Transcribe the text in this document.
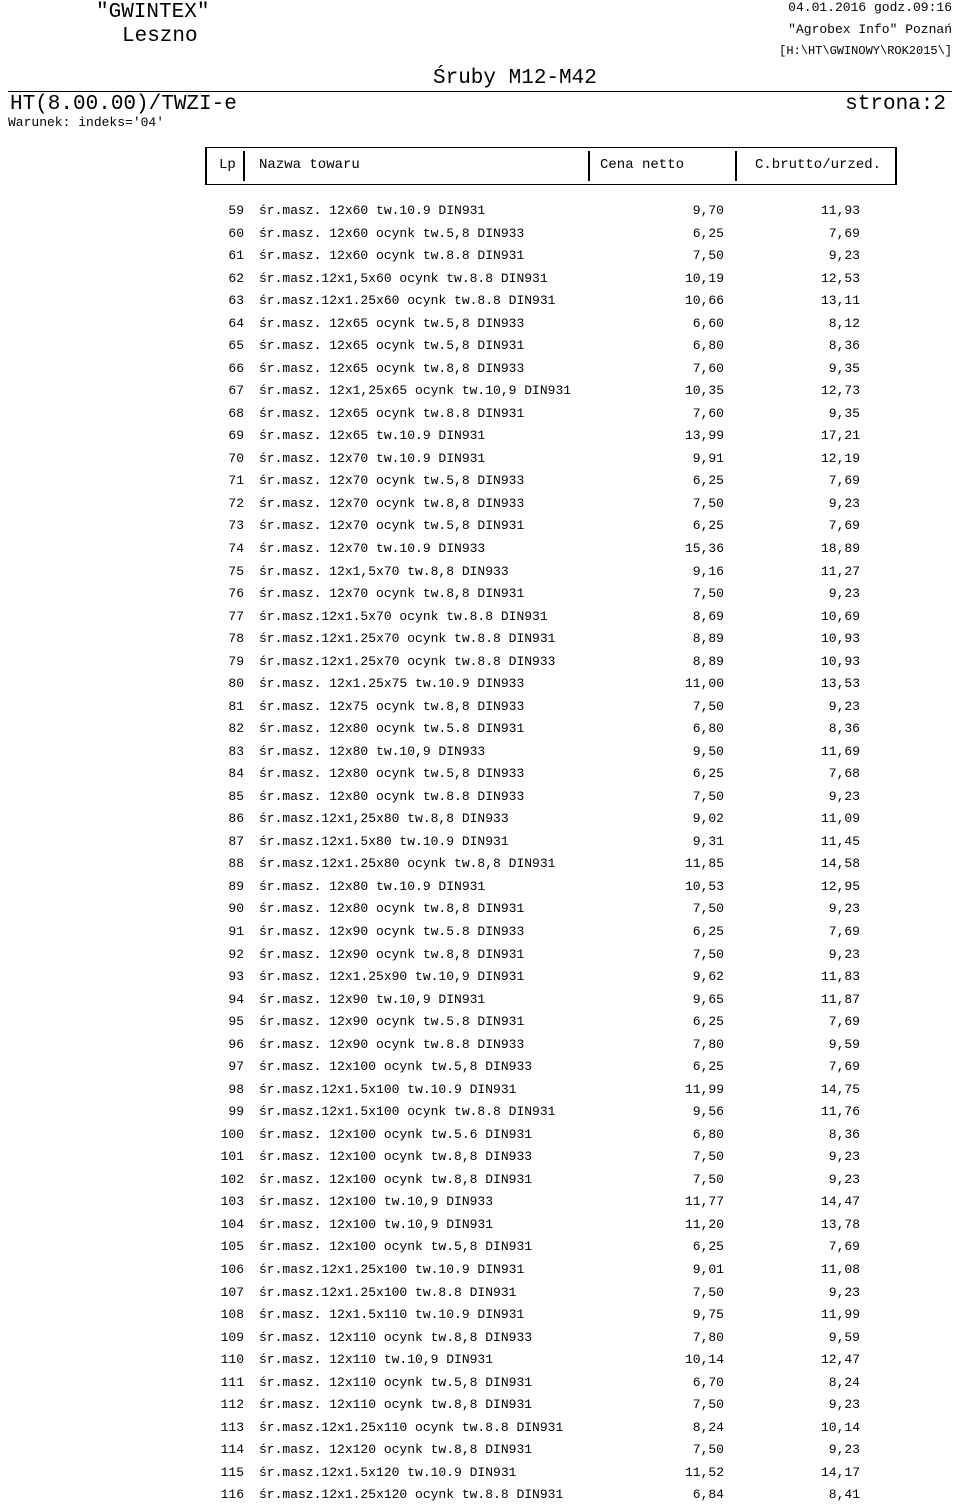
"GWINTEX"
Leszno
04.01.2016 godz.09:16
"Agrobex Info" Poznań
[H:\HT\GWINOWY\ROK2015\]
Śruby M12-M42
HT(8.00.00)/TWZI-e	strona:2
Warunek: indeks='04'
Lp Nazwa towaru	Cena netto	C.brutto/urzed.
59 śr.masz. 12x60 tw.10.9 DIN931	9,70	11,93
60 śr.masz. 12x60 ocynk tw.5,8 DIN933	6,25	7,69
61 śr.masz. 12x60 ocynk tw.8.8 DIN931	7,50	9,23
62 śr.masz.12x1,5x60 ocynk tw.8.8 DIN931	10,19	12,53
63 śr.masz.12x1.25x60 ocynk tw.8.8 DIN931	10,66	13,11
64 śr.masz. 12x65 ocynk tw.5,8 DIN933	6,60	8,12
65 śr.masz. 12x65 ocynk tw.5,8 DIN931	6,80	8,36
66 śr.masz. 12x65 ocynk tw.8,8 DIN933	7,60	9,35
67 śr.masz. 12x1,25x65 ocynk tw.10,9 DIN931	10,35	12,73
68 śr.masz. 12x65 ocynk tw.8.8 DIN931	7,60	9,35
69 śr.masz. 12x65 tw.10.9 DIN931	13,99	17,21
70 śr.masz. 12x70 tw.10.9 DIN931	9,91	12,19
71 śr.masz. 12x70 ocynk tw.5,8 DIN933	6,25	7,69
72 śr.masz. 12x70 ocynk tw.8,8 DIN933	7,50	9,23
73 śr.masz. 12x70 ocynk tw.5,8 DIN931	6,25	7,69
74 śr.masz. 12x70 tw.10.9 DIN933	15,36	18,89
75 śr.masz. 12x1,5x70 tw.8,8 DIN933	9,16	11,27
76 śr.masz. 12x70 ocynk tw.8,8 DIN931	7,50	9,23
77 śr.masz.12x1.5x70 ocynk tw.8.8 DIN931	8,69	10,69
78 śr.masz.12x1.25x70 ocynk tw.8.8 DIN931	8,89	10,93
79 śr.masz.12x1.25x70 ocynk tw.8.8 DIN933	8,89	10,93
80 śr.masz. 12x1.25x75 tw.10.9 DIN933	11,00	13,53
81 śr.masz. 12x75 ocynk tw.8,8 DIN933	7,50	9,23
82 śr.masz. 12x80 ocynk tw.5.8 DIN931	6,80	8,36
83 śr.masz. 12x80 tw.10,9 DIN933	9,50	11,69
84 śr.masz. 12x80 ocynk tw.5,8 DIN933	6,25	7,68
85 śr.masz. 12x80 ocynk tw.8.8 DIN933	7,50	9,23
86 śr.masz.12x1,25x80 tw.8,8 DIN933	9,02	11,09
87 śr.masz.12x1.5x80 tw.10.9 DIN931	9,31	11,45
88 śr.masz.12x1.25x80 ocynk tw.8,8 DIN931	11,85	14,58
89 śr.masz. 12x80 tw.10.9 DIN931	10,53	12,95
90 śr.masz. 12x80 ocynk tw.8,8 DIN931	7,50	9,23
91 śr.masz. 12x90 ocynk tw.5.8 DIN933	6,25	7,69
92 śr.masz. 12x90 ocynk tw.8,8 DIN931	7,50	9,23
93 śr.masz. 12x1.25x90 tw.10,9 DIN931	9,62	11,83
94 śr.masz. 12x90 tw.10,9 DIN931	9,65	11,87
95 śr.masz. 12x90 ocynk tw.5.8 DIN931	6,25	7,69
96 śr.masz. 12x90 ocynk tw.8.8 DIN933	7,80	9,59
97 śr.masz. 12x100 ocynk tw.5,8 DIN933	6,25	7,69
98 śr.masz.12x1.5x100 tw.10.9 DIN931	11,99	14,75
99 śr.masz.12x1.5x100 ocynk tw.8.8 DIN931	9,56	11,76
100 śr.masz. 12x100 ocynk tw.5.6 DIN931	6,80	8,36
101 śr.masz. 12x100 ocynk tw.8,8 DIN933	7,50	9,23
102 śr.masz. 12x100 ocynk tw.8,8 DIN931	7,50	9,23
103 śr.masz. 12x100 tw.10,9 DIN933	11,77	14,47
104 śr.masz. 12x100 tw.10,9 DIN931	11,20	13,78
105 śr.masz. 12x100 ocynk tw.5,8 DIN931	6,25	7,69
106 śr.masz.12x1.25x100 tw.10.9 DIN931	9,01	11,08
107 śr.masz.12x1.25x100 tw.8.8 DIN931	7,50	9,23
108 śr.masz. 12x1.5x110 tw.10.9 DIN931	9,75	11,99
109 śr.masz. 12x110 ocynk tw.8,8 DIN933	7,80	9,59
110 śr.masz. 12x110 tw.10,9 DIN931	10,14	12,47
111 śr.masz. 12x110 ocynk tw.5,8 DIN931	6,70	8,24
112 śr.masz. 12x110 ocynk tw.8,8 DIN931	7,50	9,23
113 śr.masz.12x1.25x110 ocynk tw.8.8 DIN931	8,24	10,14
114 śr.masz. 12x120 ocynk tw.8,8 DIN931	7,50	9,23
115 śr.masz.12x1.5x120 tw.10.9 DIN931	11,52	14,17
116 śr.masz.12x1.25x120 ocynk tw.8.8 DIN931	6,84	8,41
